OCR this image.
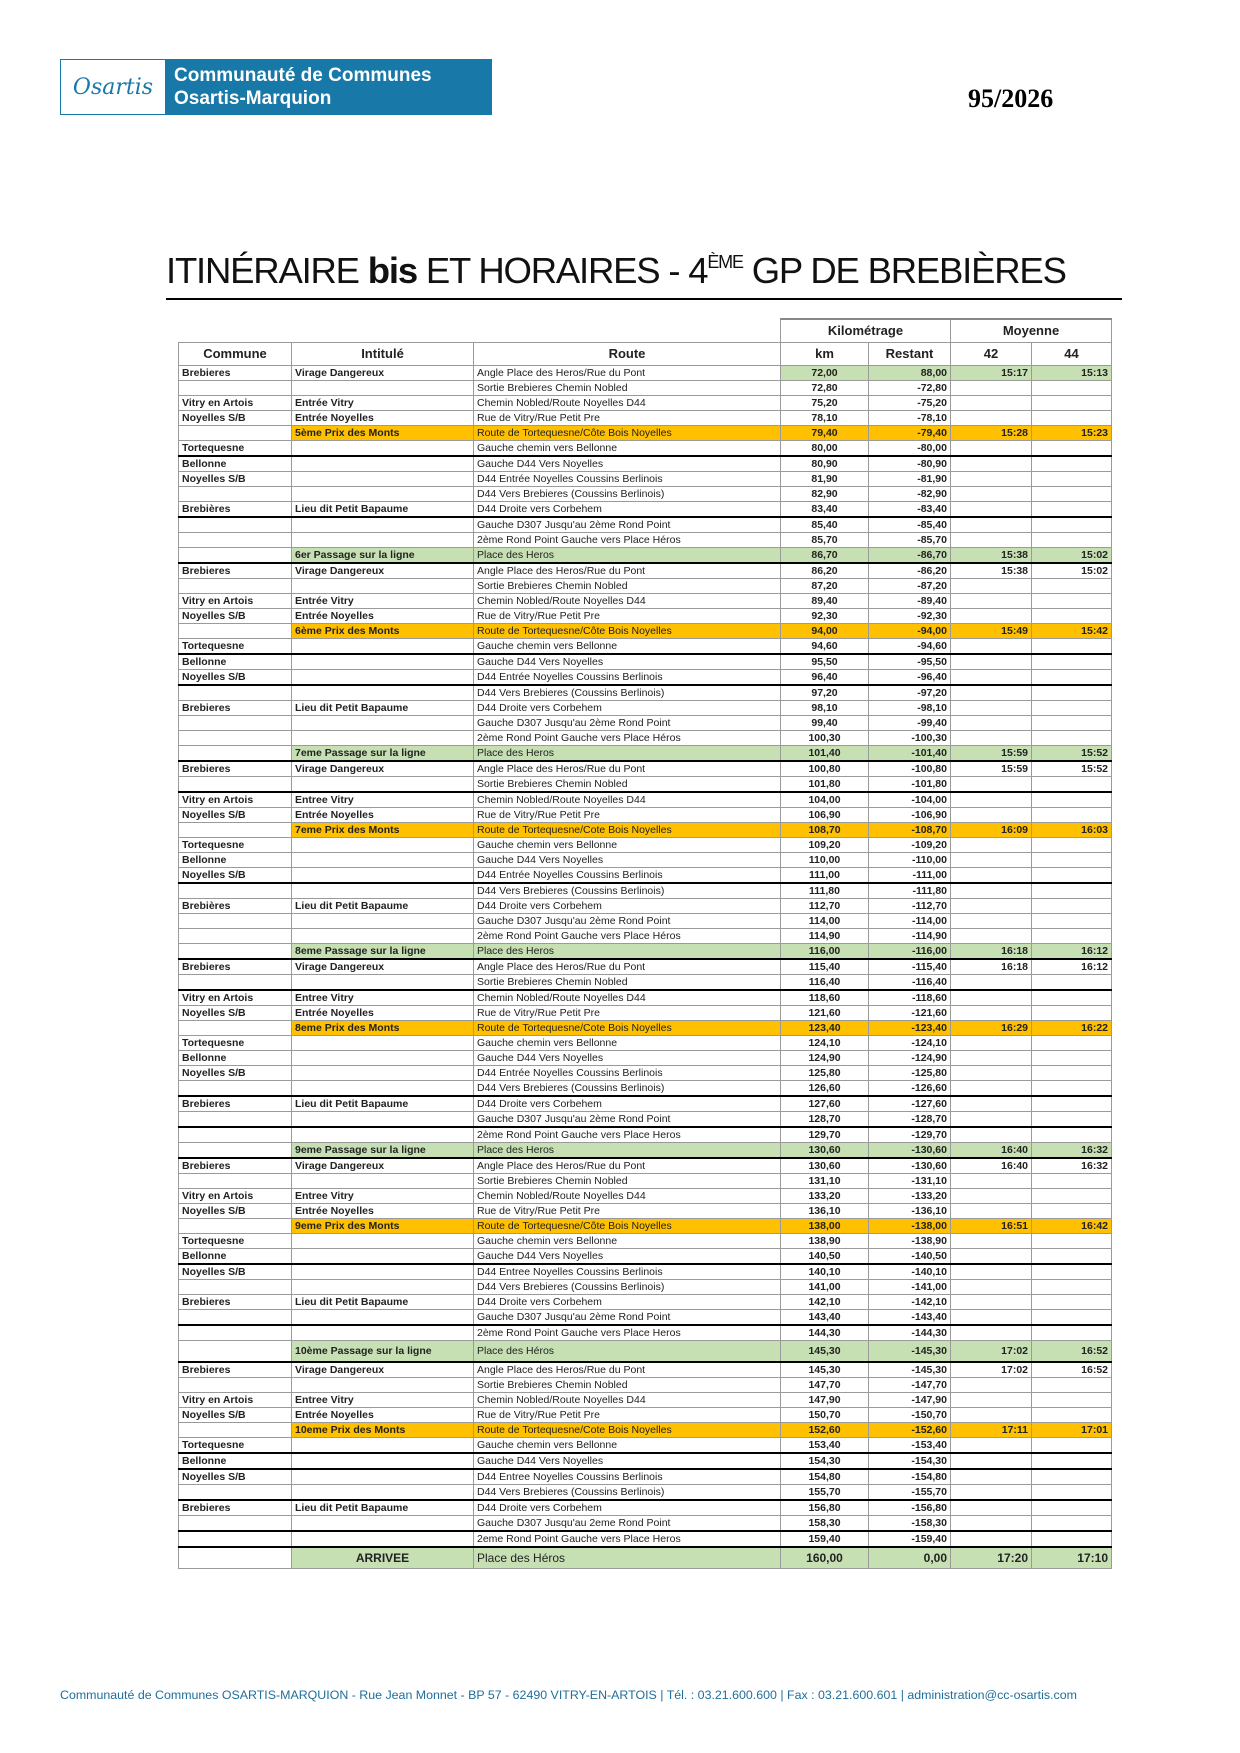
Osartis	Communauté de Communes
Osartis-Marquion	95/2026
ITINÉRAIRE bis ET HORAIRES - 4ÈME GP DE BREBIÈRES
			Kilométrage		Moyenne	
Commune	Intitulé	Route	km	Restant	42	44
Brebieres	Virage Dangereux	Angle Place des Heros/Rue du Pont	72,00	88,00	15:17	15:13
		Sortie Brebieres Chemin Nobled	72,80	-72,80		
Vitry en Artois	Entrée Vitry	Chemin Nobled/Route Noyelles D44	75,20	-75,20		
Noyelles S/B	Entrée Noyelles	Rue de Vitry/Rue Petit Pre	78,10	-78,10		
	5ème Prix des Monts	Route de Tortequesne/Côte Bois Noyelles	79,40	-79,40	15:28	15:23
Tortequesne		Gauche chemin vers Bellonne	80,00	-80,00		
Bellonne		Gauche D44 Vers Noyelles	80,90	-80,90		
Noyelles S/B		D44 Entrée Noyelles Coussins Berlinois	81,90	-81,90		
		D44 Vers Brebieres (Coussins Berlinois)	82,90	-82,90		
Brebières	Lieu dit Petit Bapaume	D44 Droite vers Corbehem	83,40	-83,40		
		Gauche D307 Jusqu'au 2ème Rond Point	85,40	-85,40		
		2ème Rond Point Gauche vers Place Héros	85,70	-85,70		
	6er Passage sur la ligne	Place des Heros	86,70	-86,70	15:38	15:02
Brebieres	Virage Dangereux	Angle Place des Heros/Rue du Pont	86,20	-86,20	15:38	15:02
		Sortie Brebieres Chemin Nobled	87,20	-87,20		
Vitry en Artois	Entrée Vitry	Chemin Nobled/Route Noyelles D44	89,40	-89,40		
Noyelles S/B	Entrée Noyelles	Rue de Vitry/Rue Petit Pre	92,30	-92,30		
	6ème Prix des Monts	Route de Tortequesne/Côte Bois Noyelles	94,00	-94,00	15:49	15:42
Tortequesne		Gauche chemin vers Bellonne	94,60	-94,60		
Bellonne		Gauche D44 Vers Noyelles	95,50	-95,50		
Noyelles S/B		D44 Entrée Noyelles Coussins Berlinois	96,40	-96,40		
		D44 Vers Brebieres (Coussins Berlinois)	97,20	-97,20		
Brebieres	Lieu dit Petit Bapaume	D44 Droite vers Corbehem	98,10	-98,10		
		Gauche D307 Jusqu'au 2ème Rond Point	99,40	-99,40		
		2ème Rond Point Gauche vers Place Héros	100,30	-100,30		
	7eme Passage sur la ligne	Place des Heros	101,40	-101,40	15:59	15:52
Brebieres	Virage Dangereux	Angle Place des Heros/Rue du Pont	100,80	-100,80	15:59	15:52
		Sortie Brebieres Chemin Nobled	101,80	-101,80		
Vitry en Artois	Entree Vitry	Chemin Nobled/Route Noyelles D44	104,00	-104,00		
Noyelles S/B	Entrée Noyelles	Rue de Vitry/Rue Petit Pre	106,90	-106,90		
	7eme Prix des Monts	Route de Tortequesne/Cote Bois Noyelles	108,70	-108,70	16:09	16:03
Tortequesne		Gauche chemin vers Bellonne	109,20	-109,20		
Bellonne		Gauche D44 Vers Noyelles	110,00	-110,00		
Noyelles S/B		D44 Entrée Noyelles Coussins Berlinois	111,00	-111,00		
		D44 Vers Brebieres (Coussins Berlinois)	111,80	-111,80		
Brebières	Lieu dit Petit Bapaume	D44 Droite vers Corbehem	112,70	-112,70		
		Gauche D307 Jusqu'au 2ème Rond Point	114,00	-114,00		
		2ème Rond Point Gauche vers Place Héros	114,90	-114,90		
	8eme Passage sur la ligne	Place des Heros	116,00	-116,00	16:18	16:12
Brebieres	Virage Dangereux	Angle Place des Heros/Rue du Pont	115,40	-115,40	16:18	16:12
		Sortie Brebieres Chemin Nobled	116,40	-116,40		
Vitry en Artois	Entree Vitry	Chemin Nobled/Route Noyelles D44	118,60	-118,60		
Noyelles S/B	Entrée Noyelles	Rue de Vitry/Rue Petit Pre	121,60	-121,60		
	8eme Prix des Monts	Route de Tortequesne/Cote Bois Noyelles	123,40	-123,40	16:29	16:22
Tortequesne		Gauche chemin vers Bellonne	124,10	-124,10		
Bellonne		Gauche D44 Vers Noyelles	124,90	-124,90		
Noyelles S/B		D44 Entrée Noyelles Coussins Berlinois	125,80	-125,80		
		D44 Vers Brebieres (Coussins Berlinois)	126,60	-126,60		
Brebieres	Lieu dit Petit Bapaume	D44 Droite vers Corbehem	127,60	-127,60		
		Gauche D307 Jusqu'au 2ème Rond Point	128,70	-128,70		
		2ème Rond Point Gauche vers Place Heros	129,70	-129,70		
	9eme Passage sur la ligne	Place des Heros	130,60	-130,60	16:40	16:32
Brebieres	Virage Dangereux	Angle Place des Heros/Rue du Pont	130,60	-130,60	16:40	16:32
		Sortie Brebieres Chemin Nobled	131,10	-131,10		
Vitry en Artois	Entree Vitry	Chemin Nobled/Route Noyelles D44	133,20	-133,20		
Noyelles S/B	Entrée Noyelles	Rue de Vitry/Rue Petit Pre	136,10	-136,10		
	9eme Prix des Monts	Route de Tortequesne/Côte Bois Noyelles	138,00	-138,00	16:51	16:42
Tortequesne		Gauche chemin vers Bellonne	138,90	-138,90		
Bellonne		Gauche D44 Vers Noyelles	140,50	-140,50		
Noyelles S/B		D44 Entree Noyelles Coussins Berlinois	140,10	-140,10		
		D44 Vers Brebieres (Coussins Berlinois)	141,00	-141,00		
Brebieres	Lieu dit Petit Bapaume	D44 Droite vers Corbehem	142,10	-142,10		
		Gauche D307 Jusqu'au 2ème Rond Point	143,40	-143,40		
		2ème Rond Point Gauche vers Place Heros	144,30	-144,30		
	10ème Passage sur la ligne	Place des Héros	145,30	-145,30	17:02	16:52
Brebieres	Virage Dangereux	Angle Place des Heros/Rue du Pont	145,30	-145,30	17:02	16:52
		Sortie Brebieres Chemin Nobled	147,70	-147,70		
Vitry en Artois	Entree Vitry	Chemin Nobled/Route Noyelles D44	147,90	-147,90		
Noyelles S/B	Entrée Noyelles	Rue de Vitry/Rue Petit Pre	150,70	-150,70		
	10eme Prix des Monts	Route de Tortequesne/Cote Bois Noyelles	152,60	-152,60	17:11	17:01
Tortequesne		Gauche chemin vers Bellonne	153,40	-153,40		
Bellonne		Gauche D44 Vers Noyelles	154,30	-154,30		
Noyelles S/B		D44 Entree Noyelles Coussins Berlinois	154,80	-154,80		
		D44 Vers Brebieres (Coussins Berlinois)	155,70	-155,70		
Brebieres	Lieu dit Petit Bapaume	D44 Droite vers Corbehem	156,80	-156,80		
		Gauche D307 Jusqu'au 2eme Rond Point	158,30	-158,30		
		2eme Rond Point Gauche vers Place Heros	159,40	-159,40		
	ARRIVEE	Place des Héros	160,00	0,00	17:20	17:10
Communauté de Communes OSARTIS-MARQUION - Rue Jean Monnet - BP 57 - 62490 VITRY-EN-ARTOIS | Tél. : 03.21.600.600 | Fax : 03.21.600.601 | administration@cc-osartis.com
